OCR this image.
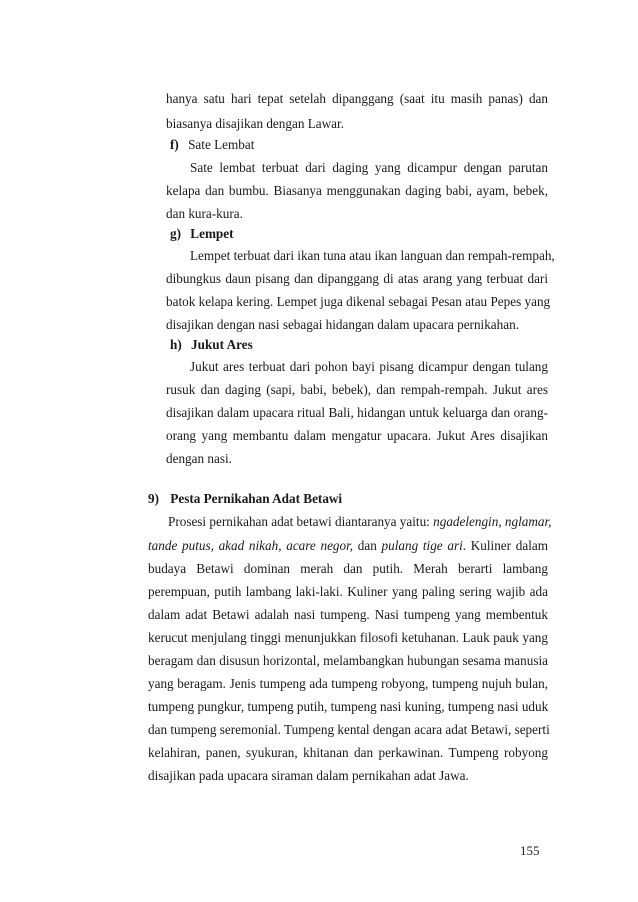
hanya satu hari tepat setelah dipanggang (saat itu masih panas) dan
biasanya disajikan dengan Lawar.
f) Sate Lembat
Sate lembat terbuat dari daging yang dicampur dengan parutan
kelapa dan bumbu. Biasanya menggunakan daging babi, ayam, bebek,
dan kura-kura.
g) Lempet
Lempet terbuat dari ikan tuna atau ikan languan dan rempah-rempah,
dibungkus daun pisang dan dipanggang di atas arang yang terbuat dari
batok kelapa kering. Lempet juga dikenal sebagai Pesan atau Pepes yang
disajikan dengan nasi sebagai hidangan dalam upacara pernikahan.
h) Jukut Ares
Jukut ares terbuat dari pohon bayi pisang dicampur dengan tulang
rusuk dan daging (sapi, babi, bebek), dan rempah-rempah. Jukut ares
disajikan dalam upacara ritual Bali, hidangan untuk keluarga dan orang-
orang yang membantu dalam mengatur upacara. Jukut Ares disajikan
dengan nasi.
9) Pesta Pernikahan Adat Betawi
Prosesi pernikahan adat betawi diantaranya yaitu: ngadelengin, nglamar,
tande putus, akad nikah, acare negor, dan pulang tige ari. Kuliner dalam
budaya Betawi dominan merah dan putih. Merah berarti lambang
perempuan, putih lambang laki-laki. Kuliner yang paling sering wajib ada
dalam adat Betawi adalah nasi tumpeng. Nasi tumpeng yang membentuk
kerucut menjulang tinggi menunjukkan filosofi ketuhanan. Lauk pauk yang
beragam dan disusun horizontal, melambangkan hubungan sesama manusia
yang beragam. Jenis tumpeng ada tumpeng robyong, tumpeng nujuh bulan,
tumpeng pungkur, tumpeng putih, tumpeng nasi kuning, tumpeng nasi uduk
dan tumpeng seremonial. Tumpeng kental dengan acara adat Betawi, seperti
kelahiran, panen, syukuran, khitanan dan perkawinan. Tumpeng robyong
disajikan pada upacara siraman dalam pernikahan adat Jawa.
155
